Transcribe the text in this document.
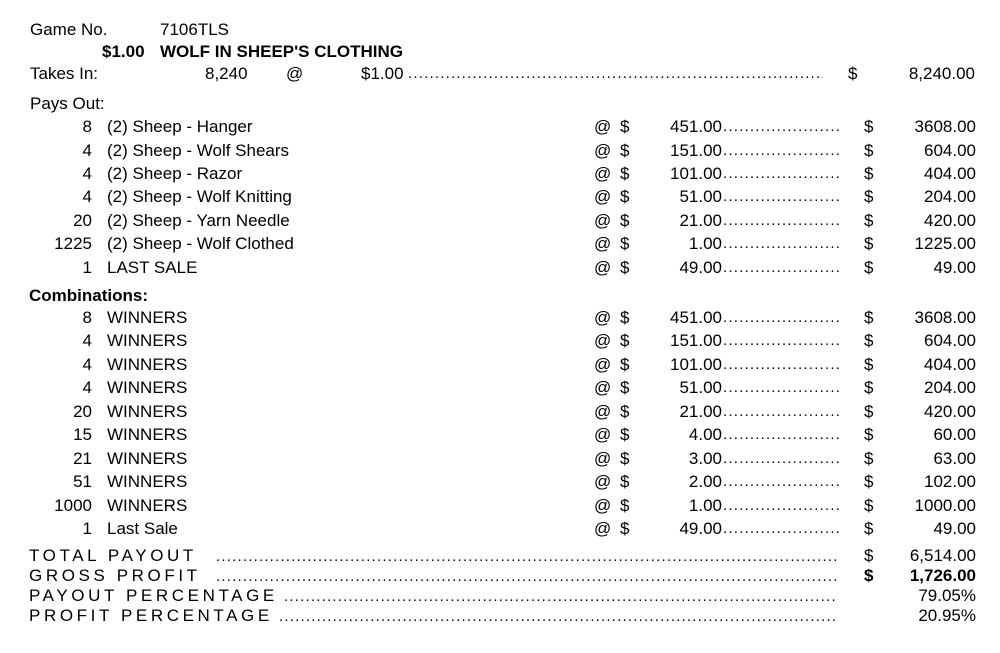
Game No.	7106TLS
$1.00 WOLF IN SHEEP'S CLOTHING
Takes In:	8,240 @	$1.00 .....	$	8,240.00
Pays Out:
8 (2) Sheep - Hanger	@ $	451.00 .....	$	3608.00
4 (2) Sheep - Wolf Shears	@ $	151.00 .....	$	604.00
4 (2) Sheep - Razor	@ $	101.00 .....	$	404.00
4 (2) Sheep - Wolf Knitting	@ $	51.00 .....	$	204.00
20 (2) Sheep - Yarn Needle	@ $	21.00 .....	$	420.00
1225 (2) Sheep - Wolf Clothed	@ $	1.00 .....	$	1225.00
1 LAST SALE	@ $	49.00 .....	$	49.00
Combinations:
8 WINNERS	@ $	451.00 .....	$	3608.00
4 WINNERS	@ $	151.00 .....	$	604.00
4 WINNERS	@ $	101.00 .....	$	404.00
4 WINNERS	@ $	51.00 .....	$	204.00
20 WINNERS	@ $	21.00 .....	$	420.00
15 WINNERS	@ $	4.00 .....	$	60.00
21 WINNERS	@ $	3.00 .....	$	63.00
51 WINNERS	@ $	2.00 .....	$	102.00
1000 WINNERS	@ $	1.00 .....	$	1000.00
1 Last Sale	@ $	49.00 .....	$	49.00
TOTAL PAYOUT .....	$	6,514.00
GROSS PROFIT .....	$	1,726.00
PAYOUT PERCENTAGE .....	79.05%
PROFIT PERCENTAGE .....	20.95%
